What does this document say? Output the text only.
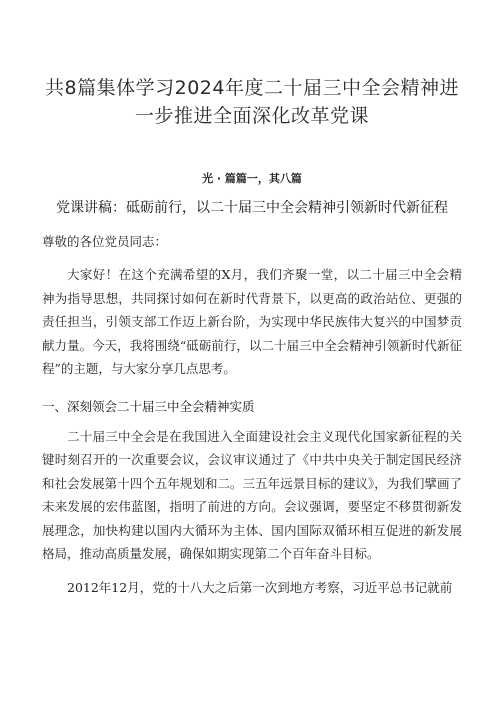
共8篇集体学习2024年度二十届三中全会精神进一步推进全面深化改革党课
光 · 篇篇一，其八篇
党课讲稿：砥砺前行，以二十届三中全会精神引领新时代新征程
尊敬的各位党员同志：

大家好！在这个充满希望的X月，我们齐聚一堂，以二十届三中全会精神为指导思想，共同探讨如何在新时代背景下，以更高的政治站位、更强的责任担当，引领支部工作迈上新台阶，为实现中华民族伟大复兴的中国梦贡献力量。今天，我将围绕“砥砺前行，以二十届三中全会精神引领新时代新征程”的主题，与大家分享几点思考。

一、深刻领会二十届三中全会精神实质

二十届三中全会是在我国进入全面建设社会主义现代化国家新征程的关键时刻召开的一次重要会议，会议审议通过了《中共中央关于制定国民经济和社会发展第十四个五年规划和二。三五年远景目标的建议》，为我们擘画了未来发展的宏伟蓝图，指明了前进的方向。会议强调，要坚定不移贯彻新发展理念，加快构建以国内大循环为主体、国内国际双循环相互促进的新发展格局，推动高质量发展，确保如期实现第二个百年奋斗目标。

2012年12月，党的十八大之后第一次到地方考察，习近平总书记就前
